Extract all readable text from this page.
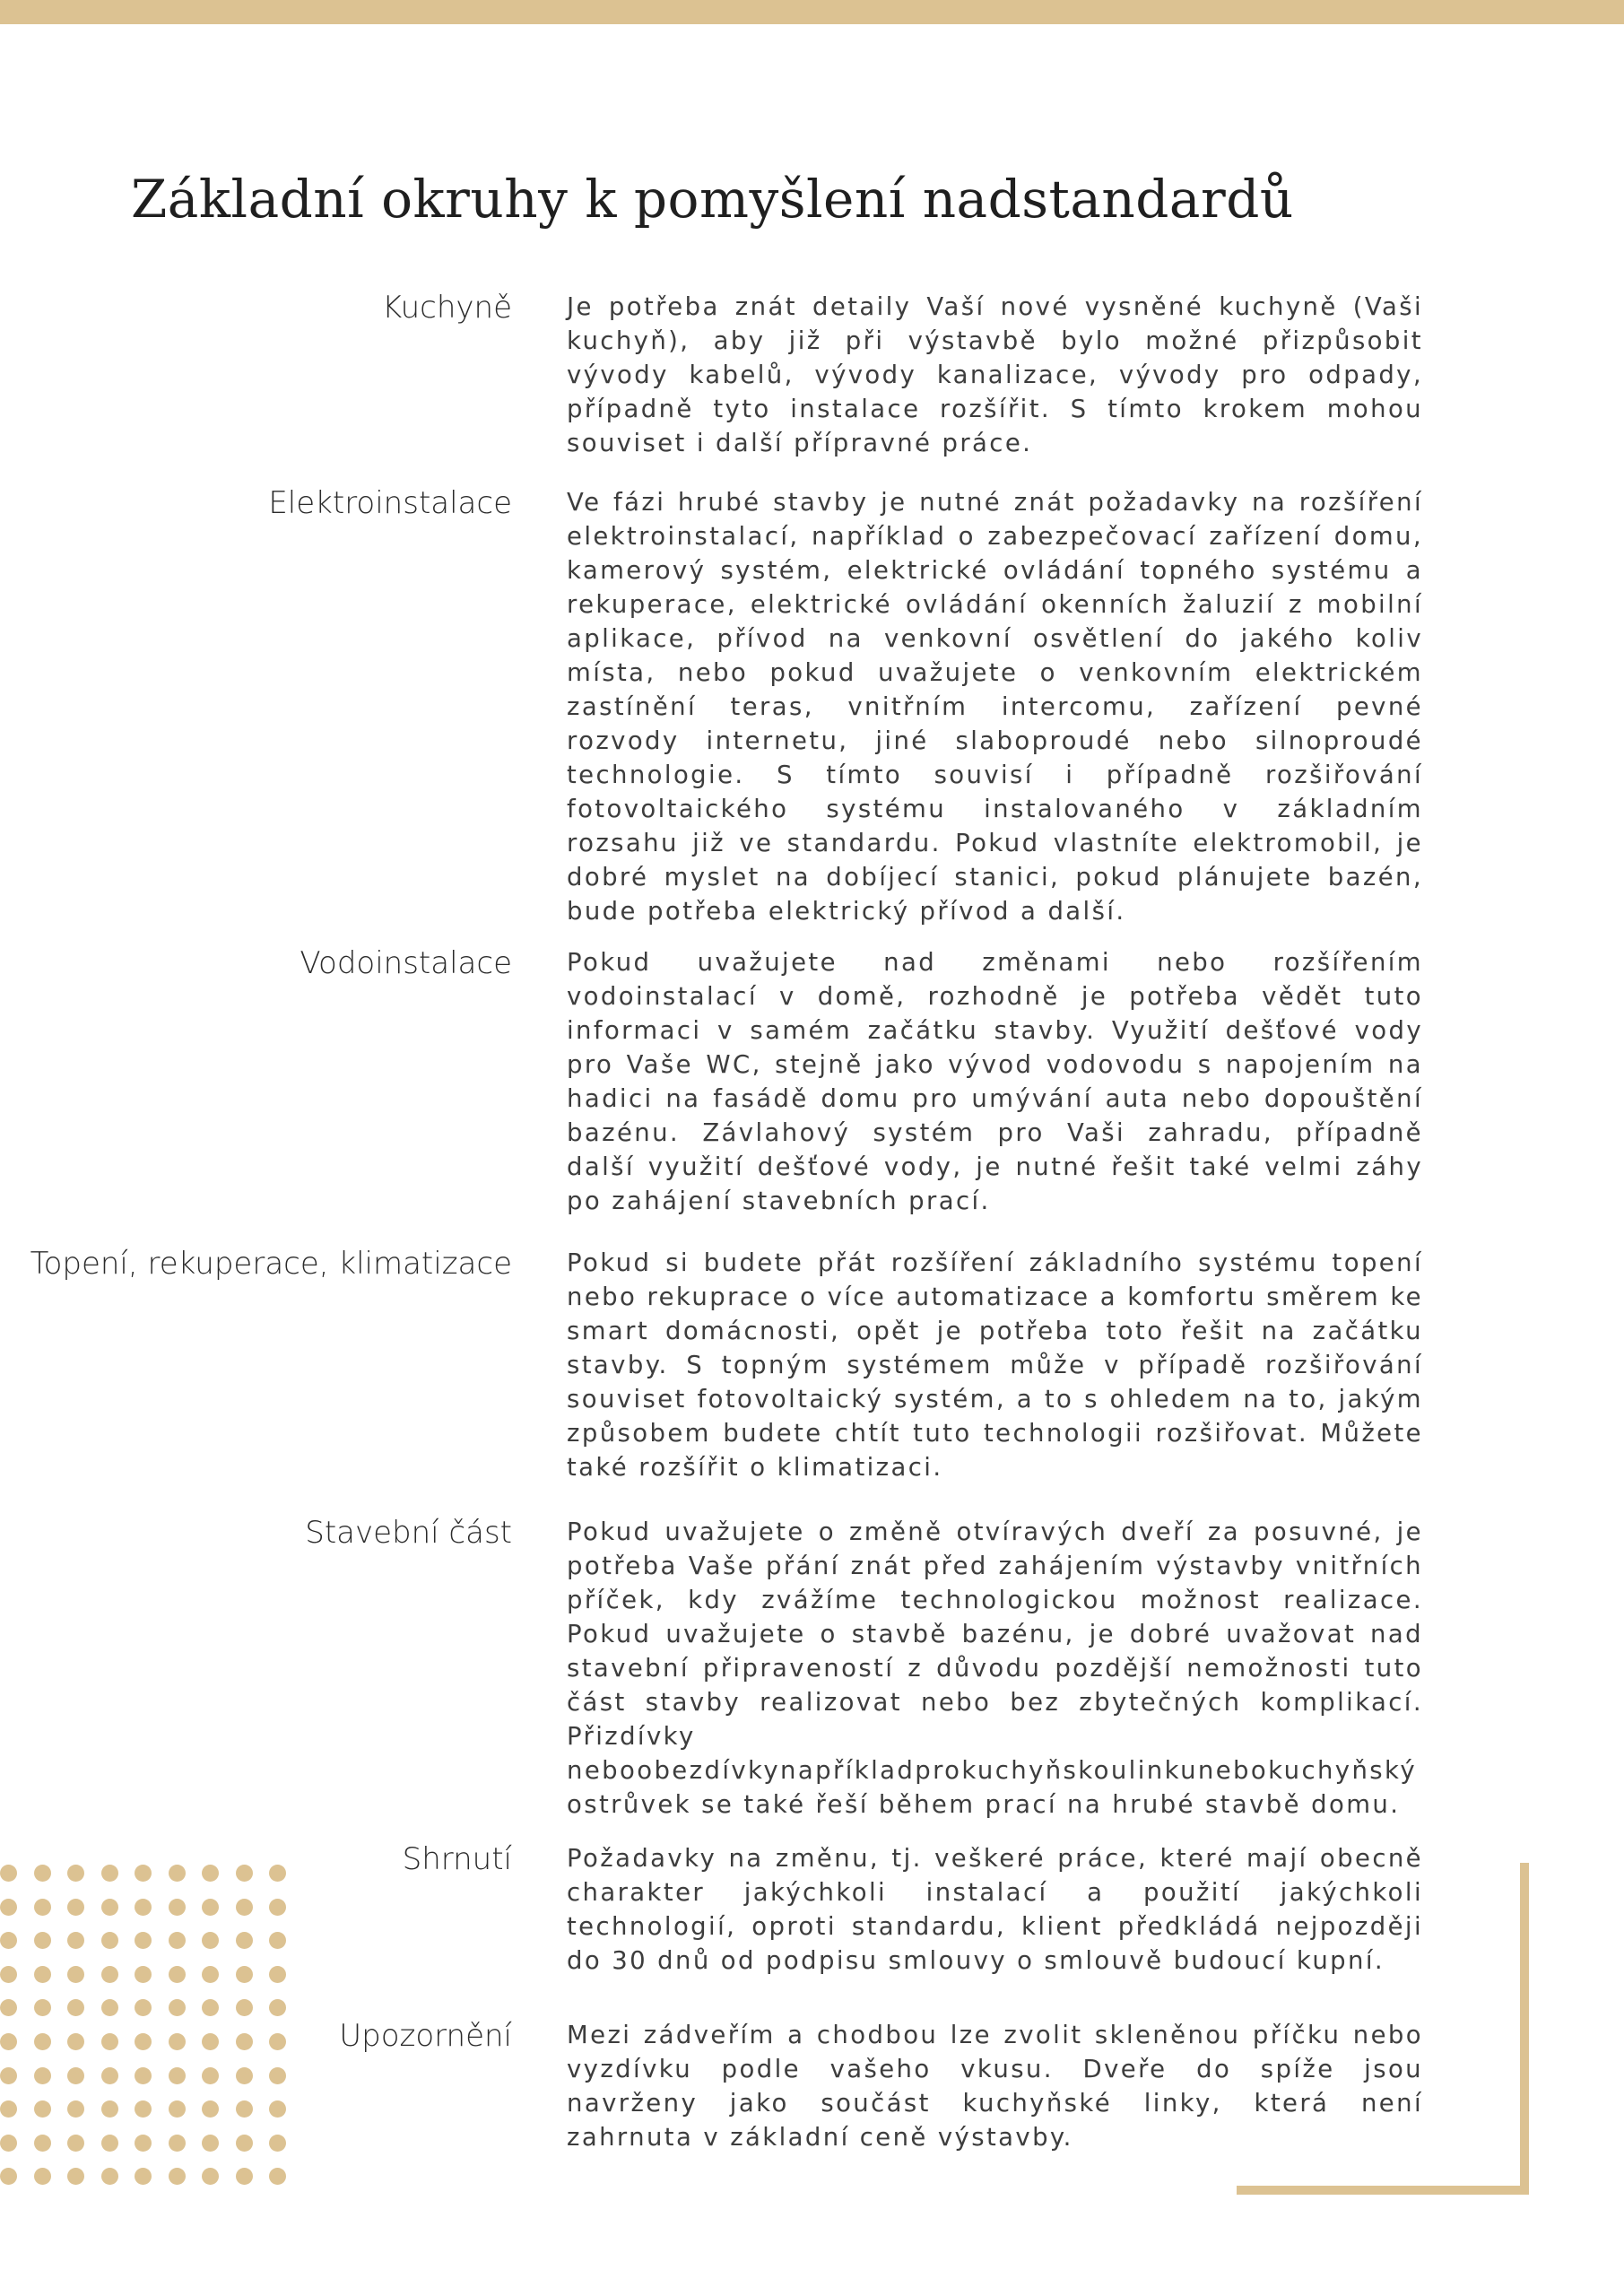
Základní okruhy k pomyšlení nadstandardů
Kuchyně Je potřeba znát detaily Vaší nové vysněné kuchyně (Vaši kuchyň), aby již při výstavbě bylo možné přizpůsobit vývody kabelů, vývody kanalizace, vývody pro odpady, případně tyto instalace rozšířit. S tímto krokem mohou souviset i další přípravné práce.

Elektroinstalace Ve fázi hrubé stavby je nutné znát požadavky na rozšíření elektroinstalací, například o zabezpečovací zařízení domu, kamerový systém, elektrické ovládání topného systému a rekuperace, elektrické ovládání okenních žaluzií z mobilní aplikace, přívod na venkovní osvětlení do jakého koliv místa, nebo pokud uvažujete o venkovním elektrickém zastínění teras, vnitřním intercomu, zařízení pevné rozvody internetu, jiné slaboproudé nebo silnoproudé technologie. S tímto souvisí i případně rozšiřování fotovoltaického systému instalovaného v základním rozsahu již ve standardu. Pokud vlastníte elektromobil, je dobré myslet na dobíjecí stanici, pokud plánujete bazén, bude potřeba elektrický přívod a další.

Vodoinstalace Pokud uvažujete nad změnami nebo rozšířením vodoinstalací v domě, rozhodně je potřeba vědět tuto informaci v samém začátku stavby. Využití dešťové vody pro Vaše WC, stejně jako vývod vodovodu s napojením na hadici na fasádě domu pro umývání auta nebo dopouštění bazénu. Závlahový systém pro Vaši zahradu, případně další využití dešťové vody, je nutné řešit také velmi záhy po zahájení stavebních prací.

Topení, rekuperace, klimatizace Pokud si budete přát rozšíření základního systému topení nebo rekuprace o více automatizace a komfortu směrem ke smart domácnosti, opět je potřeba toto řešit na začátku stavby. S topným systémem může v případě rozšiřování souviset fotovoltaický systém, a to s ohledem na to, jakým způsobem budete chtít tuto technologii rozšiřovat. Můžete také rozšířit o klimatizaci.

Stavební část Pokud uvažujete o změně otvíravých dveří za posuvné, je potřeba Vaše přání znát před zahájením výstavby vnitřních příček, kdy zvážíme technologickou možnost realizace. Pokud uvažujete o stavbě bazénu, je dobré uvažovat nad stavební připraveností z důvodu pozdější nemožnosti tuto část stavby realizovat nebo bez zbytečných komplikací. Přizdívky neboobezdívkynapříkladprokuchyňskoulinkunebokuchyňský ostrůvek se také řeší během prací na hrubé stavbě domu.

Shrnutí Požadavky na změnu, tj. veškeré práce, které mají obecně charakter jakýchkoli instalací a použití jakýchkoli technologií, oproti standardu, klient předkládá nejpozději do 30 dnů od podpisu smlouvy o smlouvě budoucí kupní.

Upozornění Mezi zádveřím a chodbou lze zvolit skleněnou příčku nebo vyzdívku podle vašeho vkusu. Dveře do spíže jsou navrženy jako součást kuchyňské linky, která není zahrnuta v základní ceně výstavby.
